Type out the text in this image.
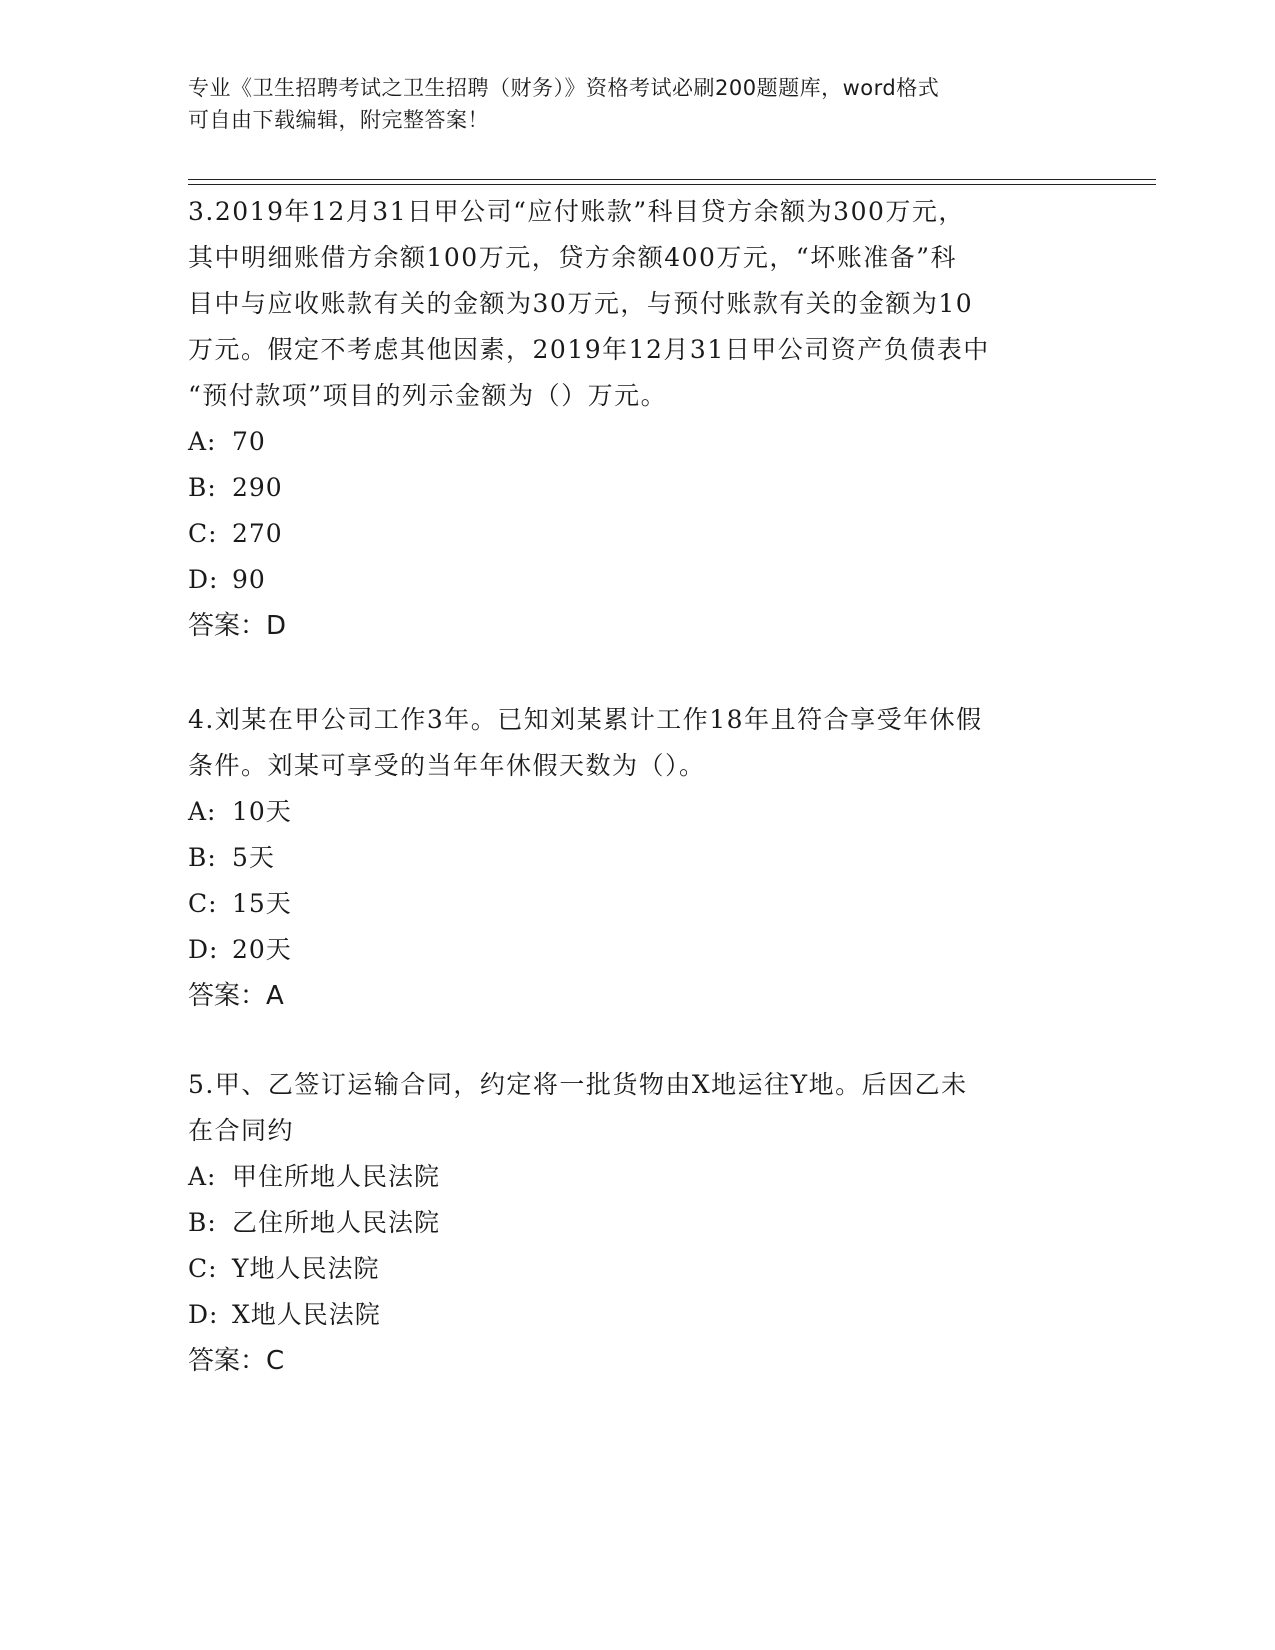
专业《卫生招聘考试之卫生招聘（财务）》资格考试必刷200题题库，word格式
可自由下载编辑，附完整答案！
3.2019年12月31日甲公司“应付账款”科目贷方余额为300万元，
其中明细账借方余额100万元，贷方余额400万元，“坏账准备”科
目中与应收账款有关的金额为30万元，与预付账款有关的金额为10
万元。假定不考虑其他因素，2019年12月31日甲公司资产负债表中
“预付款项”项目的列示金额为（）万元。
A: 70
B: 290
C: 270
D: 90
答案：D
4.刘某在甲公司工作3年。已知刘某累计工作18年且符合享受年休假
条件。刘某可享受的当年年休假天数为（）。
A: 10天
B: 5天
C: 15天
D: 20天
答案：A
5.甲、乙签订运输合同，约定将一批货物由X地运往Y地。后因乙未
在合同约
A: 甲住所地人民法院
B: 乙住所地人民法院
C: Y地人民法院
D: X地人民法院
答案：C
